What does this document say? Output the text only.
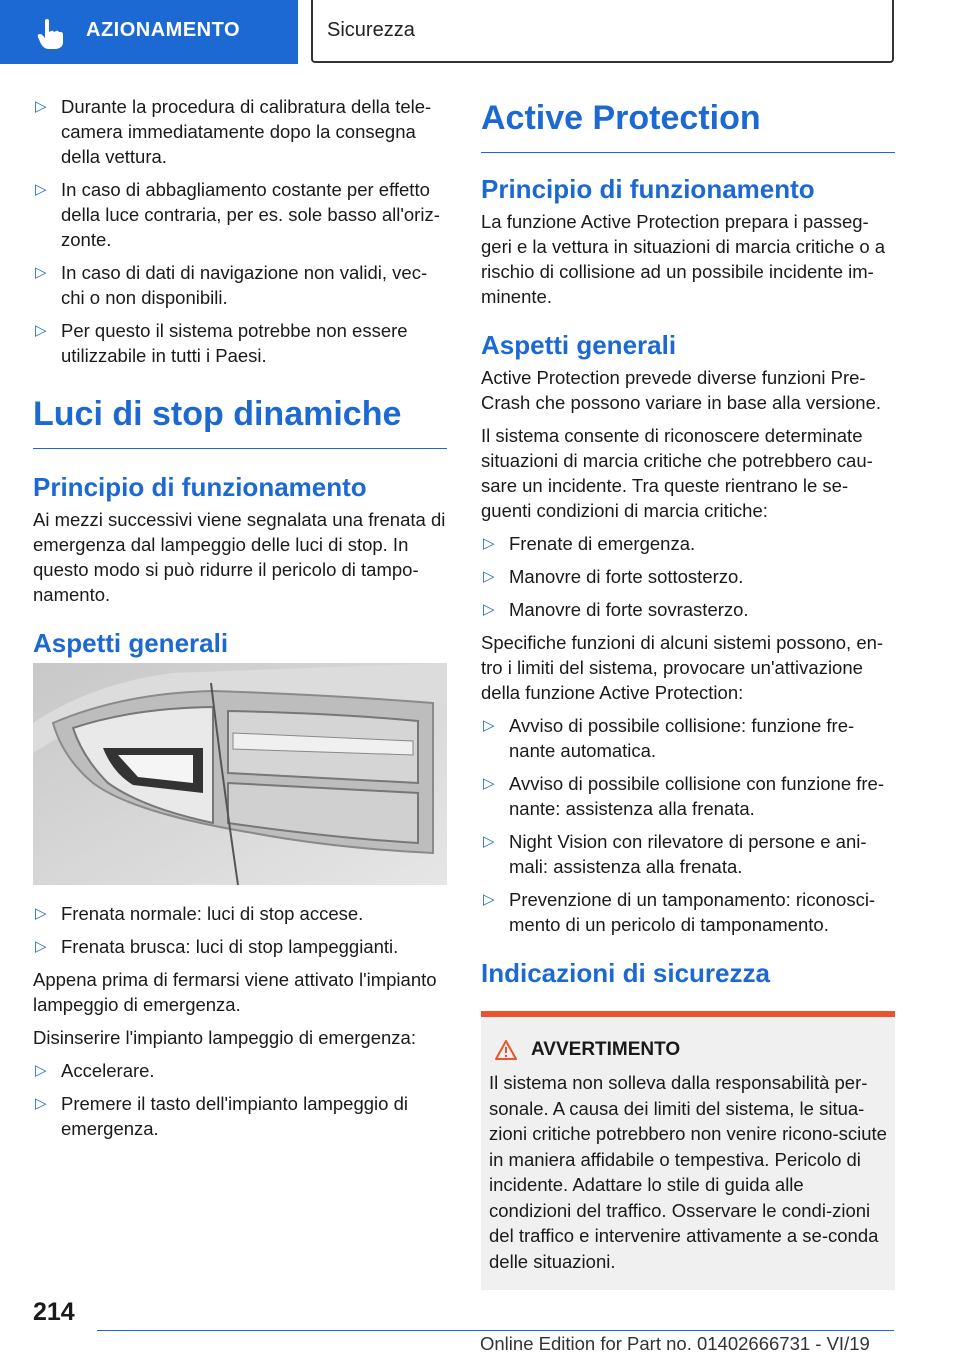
AZIONAMENTO	Sicurezza
▷ Durante la procedura di calibratura della tele-camera immediatamente dopo la consegna della vettura.
▷ In caso di abbagliamento costante per effetto della luce contraria, per es. sole basso all'oriz-zonte.
▷ In caso di dati di navigazione non validi, vec-chi o non disponibili.
▷ Per questo il sistema potrebbe non essere utilizzabile in tutti i Paesi.
Luci di stop dinamiche
Principio di funzionamento

Ai mezzi successivi viene segnalata una frenata di emergenza dal lampeggio delle luci di stop. In questo modo si può ridurre il pericolo di tampo-namento.

Aspetti generali
▷ Frenata normale: luci di stop accese.
▷ Frenata brusca: luci di stop lampeggianti.

Appena prima di fermarsi viene attivato l'impianto lampeggio di emergenza.

Disinserire l'impianto lampeggio di emergenza:

▷ Accelerare.
▷ Premere il tasto dell'impianto lampeggio di emergenza.
Active Protection
Principio di funzionamento

La funzione Active Protection prepara i passeg-geri e la vettura in situazioni di marcia critiche o a rischio di collisione ad un possibile incidente im-minente.

Aspetti generali

Active Protection prevede diverse funzioni Pre-Crash che possono variare in base alla versione.

Il sistema consente di riconoscere determinate situazioni di marcia critiche che potrebbero cau-sare un incidente. Tra queste rientrano le se-guenti condizioni di marcia critiche:

▷ Frenate di emergenza.
▷ Manovre di forte sottosterzo.
▷ Manovre di forte sovrasterzo.

Specifiche funzioni di alcuni sistemi possono, en-tro i limiti del sistema, provocare un'attivazione della funzione Active Protection:

▷ Avviso di possibile collisione: funzione fre-nante automatica.
▷ Avviso di possibile collisione con funzione fre-nante: assistenza alla frenata.
▷ Night Vision con rilevatore di persone e ani-mali: assistenza alla frenata.
▷ Prevenzione di un tamponamento: riconosci-mento di un pericolo di tamponamento.
Indicazioni di sicurezza
AVVERTIMENTO
Il sistema non solleva dalla responsabilità per-sonale. A causa dei limiti del sistema, le situa-zioni critiche potrebbero non venire ricono-sciute in maniera affidabile o tempestiva. Pericolo di incidente. Adattare lo stile di guida alle condizioni del traffico. Osservare le condi-zioni del traffico e intervenire attivamente a se-conda delle situazioni.
214
Online Edition for Part no. 01402666731 - VI/19
